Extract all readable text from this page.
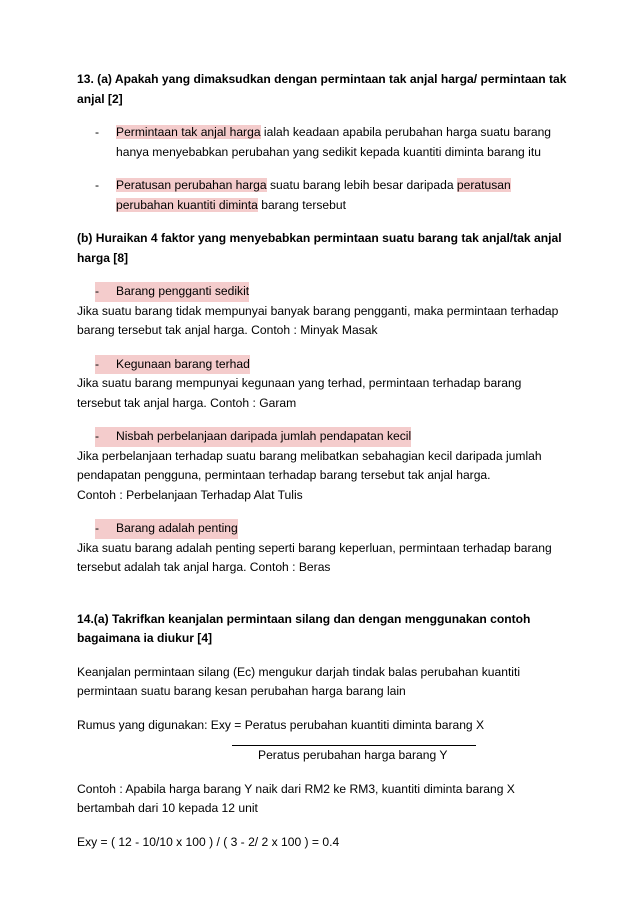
13. (a) Apakah yang dimaksudkan dengan permintaan tak anjal harga/ permintaan tak anjal [2]

-	Permintaan tak anjal harga ialah keadaan apabila perubahan harga suatu barang hanya menyebabkan perubahan yang sedikit kepada kuantiti diminta barang itu
-	Peratusan perubahan harga suatu barang lebih besar daripada peratusan perubahan kuantiti diminta barang tersebut

(b) Huraikan 4 faktor yang menyebabkan permintaan suatu barang tak anjal/tak anjal harga [8]

-	Barang pengganti sedikit

Jika suatu barang tidak mempunyai banyak barang pengganti, maka permintaan terhadap barang tersebut tak anjal harga. Contoh : Minyak Masak

-	Kegunaan barang terhad

Jika suatu barang mempunyai kegunaan yang terhad, permintaan terhadap barang tersebut tak anjal harga. Contoh : Garam

-	Nisbah perbelanjaan daripada jumlah pendapatan kecil

Jika perbelanjaan terhadap suatu barang melibatkan sebahagian kecil daripada jumlah pendapatan pengguna, permintaan terhadap barang tersebut tak anjal harga.

Contoh : Perbelanjaan Terhadap Alat Tulis

-	Barang adalah penting

Jika suatu barang adalah penting seperti barang keperluan, permintaan terhadap barang tersebut adalah tak anjal harga. Contoh : Beras

14.(a) Takrifkan keanjalan permintaan silang dan dengan menggunakan contoh bagaimana ia diukur [4]

Keanjalan permintaan silang (Ec) mengukur darjah tindak balas perubahan kuantiti permintaan suatu barang kesan perubahan harga barang lain

Rumus yang digunakan: Exy = Peratus perubahan kuantiti diminta barang X

Peratus perubahan harga barang Y

Contoh : Apabila harga barang Y naik dari RM2 ke RM3, kuantiti diminta barang X bertambah dari 10 kepada 12 unit

Exy = ( 12 - 10/10 x 100 ) / ( 3 - 2/ 2 x 100 ) = 0.4
